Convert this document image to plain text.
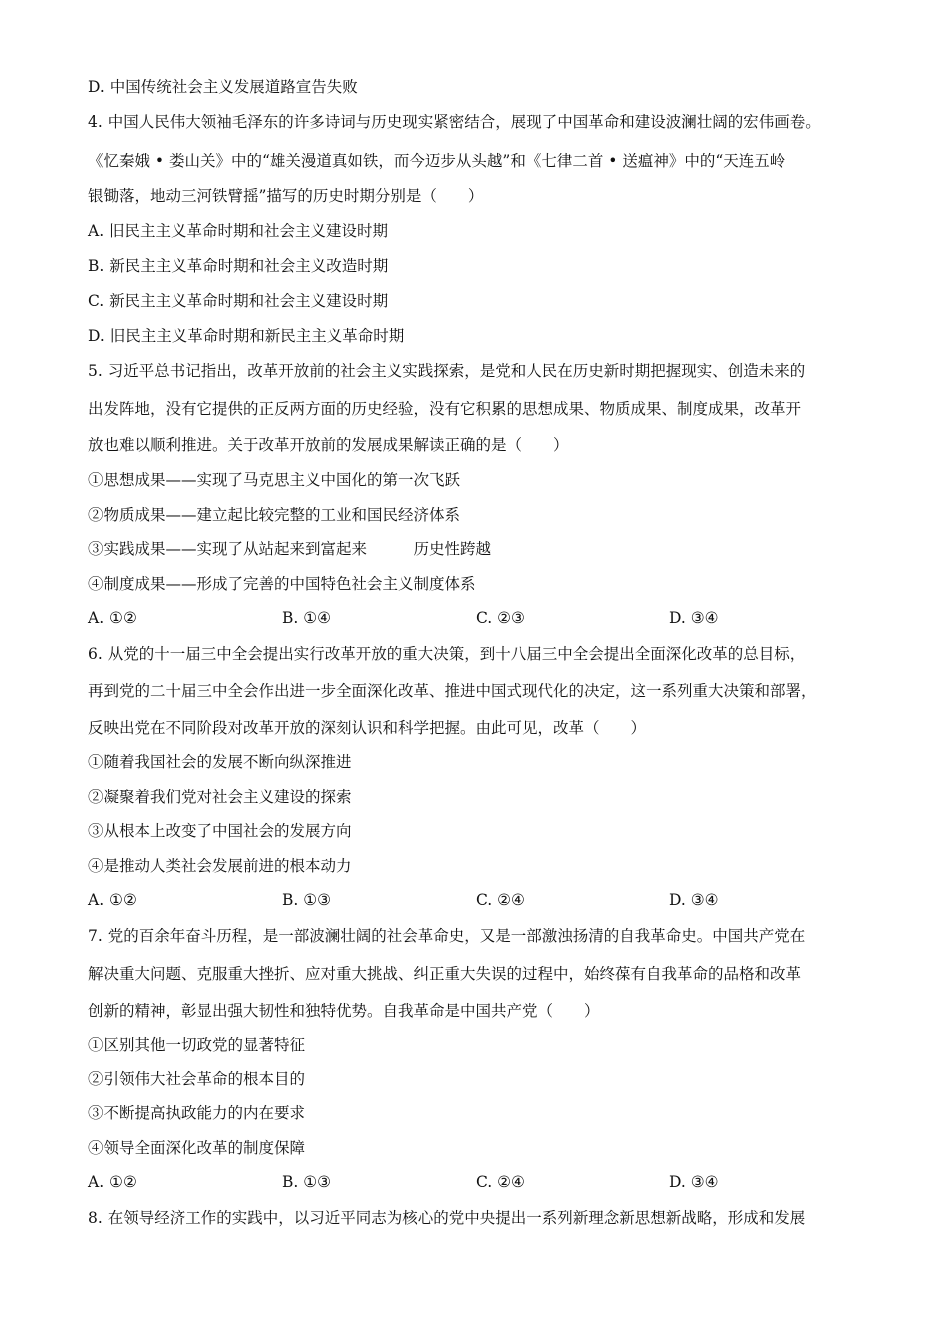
D. 中国传统社会主义发展道路宣告失败
4. 中国人民伟大领袖毛泽东的许多诗词与历史现实紧密结合，展现了中国革命和建设波澜壮阔的宏伟画卷。
《忆秦娥 • 娄山关》中的“雄关漫道真如铁，而今迈步从头越”和《七律二首 • 送瘟神》中的“天连五岭
银锄落，地动三河铁臂摇”描写的历史时期分别是（　　）
A. 旧民主主义革命时期和社会主义建设时期
B. 新民主主义革命时期和社会主义改造时期
C. 新民主主义革命时期和社会主义建设时期
D. 旧民主主义革命时期和新民主主义革命时期
5. 习近平总书记指出，改革开放前的社会主义实践探索，是党和人民在历史新时期把握现实、创造未来的
出发阵地，没有它提供的正反两方面的历史经验，没有它积累的思想成果、物质成果、制度成果，改革开
放也难以顺利推进。关于改革开放前的发展成果解读正确的是（　　）
①思想成果——实现了马克思主义中国化的第一次飞跃
②物质成果——建立起比较完整的工业和国民经济体系
③实践成果——实现了从站起来到富起来　　　历史性跨越
④制度成果——形成了完善的中国特色社会主义制度体系
A. ①②	B. ①④	C. ②③	D. ③④
6. 从党的十一届三中全会提出实行改革开放的重大决策，到十八届三中全会提出全面深化改革的总目标，
再到党的二十届三中全会作出进一步全面深化改革、推进中国式现代化的决定，这一系列重大决策和部署，
反映出党在不同阶段对改革开放的深刻认识和科学把握。由此可见，改革（　　）
①随着我国社会的发展不断向纵深推进
②凝聚着我们党对社会主义建设的探索
③从根本上改变了中国社会的发展方向
④是推动人类社会发展前进的根本动力
A. ①②	B. ①③	C. ②④	D. ③④
7. 党的百余年奋斗历程，是一部波澜壮阔的社会革命史，又是一部激浊扬清的自我革命史。中国共产党在
解决重大问题、克服重大挫折、应对重大挑战、纠正重大失误的过程中，始终葆有自我革命的品格和改革
创新的精神，彰显出强大韧性和独特优势。自我革命是中国共产党（　　）
①区别其他一切政党的显著特征
②引领伟大社会革命的根本目的
③不断提高执政能力的内在要求
④领导全面深化改革的制度保障
A. ①②	B. ①③	C. ②④	D. ③④
8. 在领导经济工作的实践中，以习近平同志为核心的党中央提出一系列新理念新思想新战略，形成和发展
